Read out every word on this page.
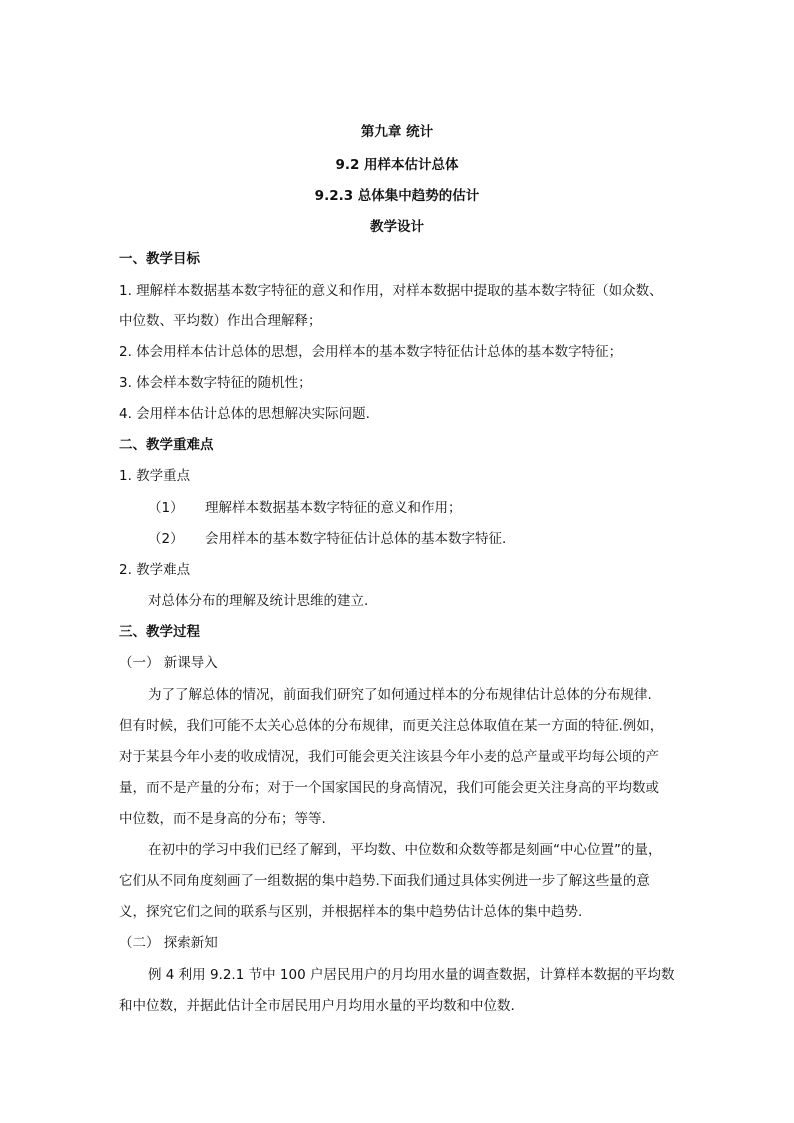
第九章 统计
9.2 用样本估计总体
9.2.3 总体集中趋势的估计
教学设计
一、教学目标
1. 理解样本数据基本数字特征的意义和作用，对样本数据中提取的基本数字特征（如众数、
中位数、平均数）作出合理解释；
2. 体会用样本估计总体的思想，会用样本的基本数字特征估计总体的基本数字特征；
3. 体会样本数字特征的随机性；
4. 会用样本估计总体的思想解决实际问题.
二、教学重难点
1. 教学重点
（1） 理解样本数据基本数字特征的意义和作用；
（2） 会用样本的基本数字特征估计总体的基本数字特征.
2. 教学难点
对总体分布的理解及统计思维的建立.
三、教学过程
（一） 新课导入
为了了解总体的情况，前面我们研究了如何通过样本的分布规律估计总体的分布规律.
但有时候，我们可能不太关心总体的分布规律，而更关注总体取值在某一方面的特征.例如，
对于某县今年小麦的收成情况，我们可能会更关注该县今年小麦的总产量或平均每公顷的产
量，而不是产量的分布；对于一个国家国民的身高情况，我们可能会更关注身高的平均数或
中位数，而不是身高的分布；等等.
在初中的学习中我们已经了解到，平均数、中位数和众数等都是刻画“中心位置”的量，
它们从不同角度刻画了一组数据的集中趋势.下面我们通过具体实例进一步了解这些量的意
义，探究它们之间的联系与区别，并根据样本的集中趋势估计总体的集中趋势.
（二） 探索新知
例 4 利用 9.2.1 节中 100 户居民用户的月均用水量的调查数据，计算样本数据的平均数
和中位数，并据此估计全市居民用户月均用水量的平均数和中位数.
